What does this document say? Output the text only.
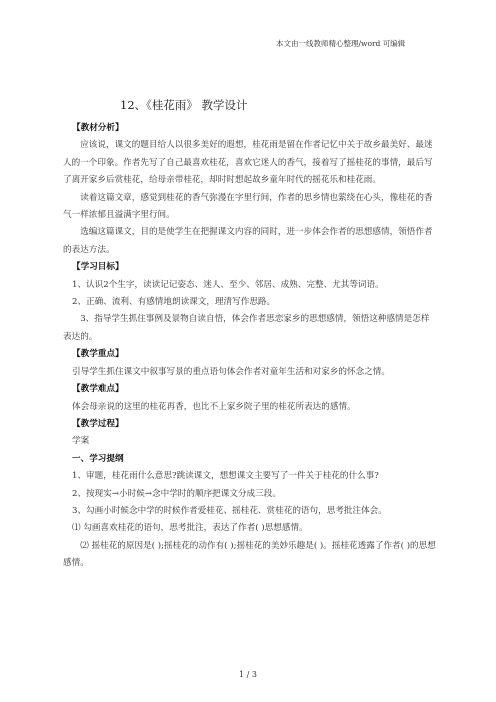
本文由一线教师精心整理/word 可编辑
12、《桂花雨》 教学设计

【教材分析】

应该说，课文的题目给人以很多美好的遐想，桂花雨是留在作者记忆中关于故乡最美好、最迷人的一个印象。作者先写了自己最喜欢桂花，喜欢它迷人的香气，接着写了摇桂花的事情，最后写了离开家乡后赏桂花，给母亲带桂花，却时时想起故乡童年时代的摇花乐和桂花雨。

读着这篇文章，感觉到桂花的香气弥漫在字里行间，作者的思乡情也萦绕在心头，像桂花的香气一样浓郁且溢满字里行间。

选编这篇课文，目的是使学生在把握课文内容的同时，进一步体会作者的思想感情，领悟作者的表达方法。

【学习目标】

1、认识2个生字，读读记记姿态、迷人、至少、邻居、成熟、完整、尤其等词语。

2、正确、流利、有感情地朗读课文，理清写作思路。

3、指导学生抓住事例及景物自读自悟，体会作者思恋家乡的思想感情，领悟这种感情是怎样表达的。

【教学重点】

引导学生抓住课文中叙事写景的重点语句体会作者对童年生活和对家乡的怀念之情。

【教学难点】

体会母亲说的这里的桂花再香，也比不上家乡院子里的桂花所表达的感情。

【教学过程】

学案

一、学习提纲

1、审题，桂花雨什么意思?跳读课文，想想课文主要写了一件关于桂花的什么事?

2、按现实→小时候→念中学时的顺序把课文分成三段。

3、勾画小时候念中学的时候作者爱桂花、摇桂花、赏桂花的语句，思考批注体会。

⑴ 勾画喜欢桂花的语句，思考批注，表达了作者( )思想感情。

⑵ 摇桂花的原因是( );摇桂花的动作有( );摇桂花的美妙乐趣是( )。摇桂花透露了作者( )的思想感情。

1 / 3
